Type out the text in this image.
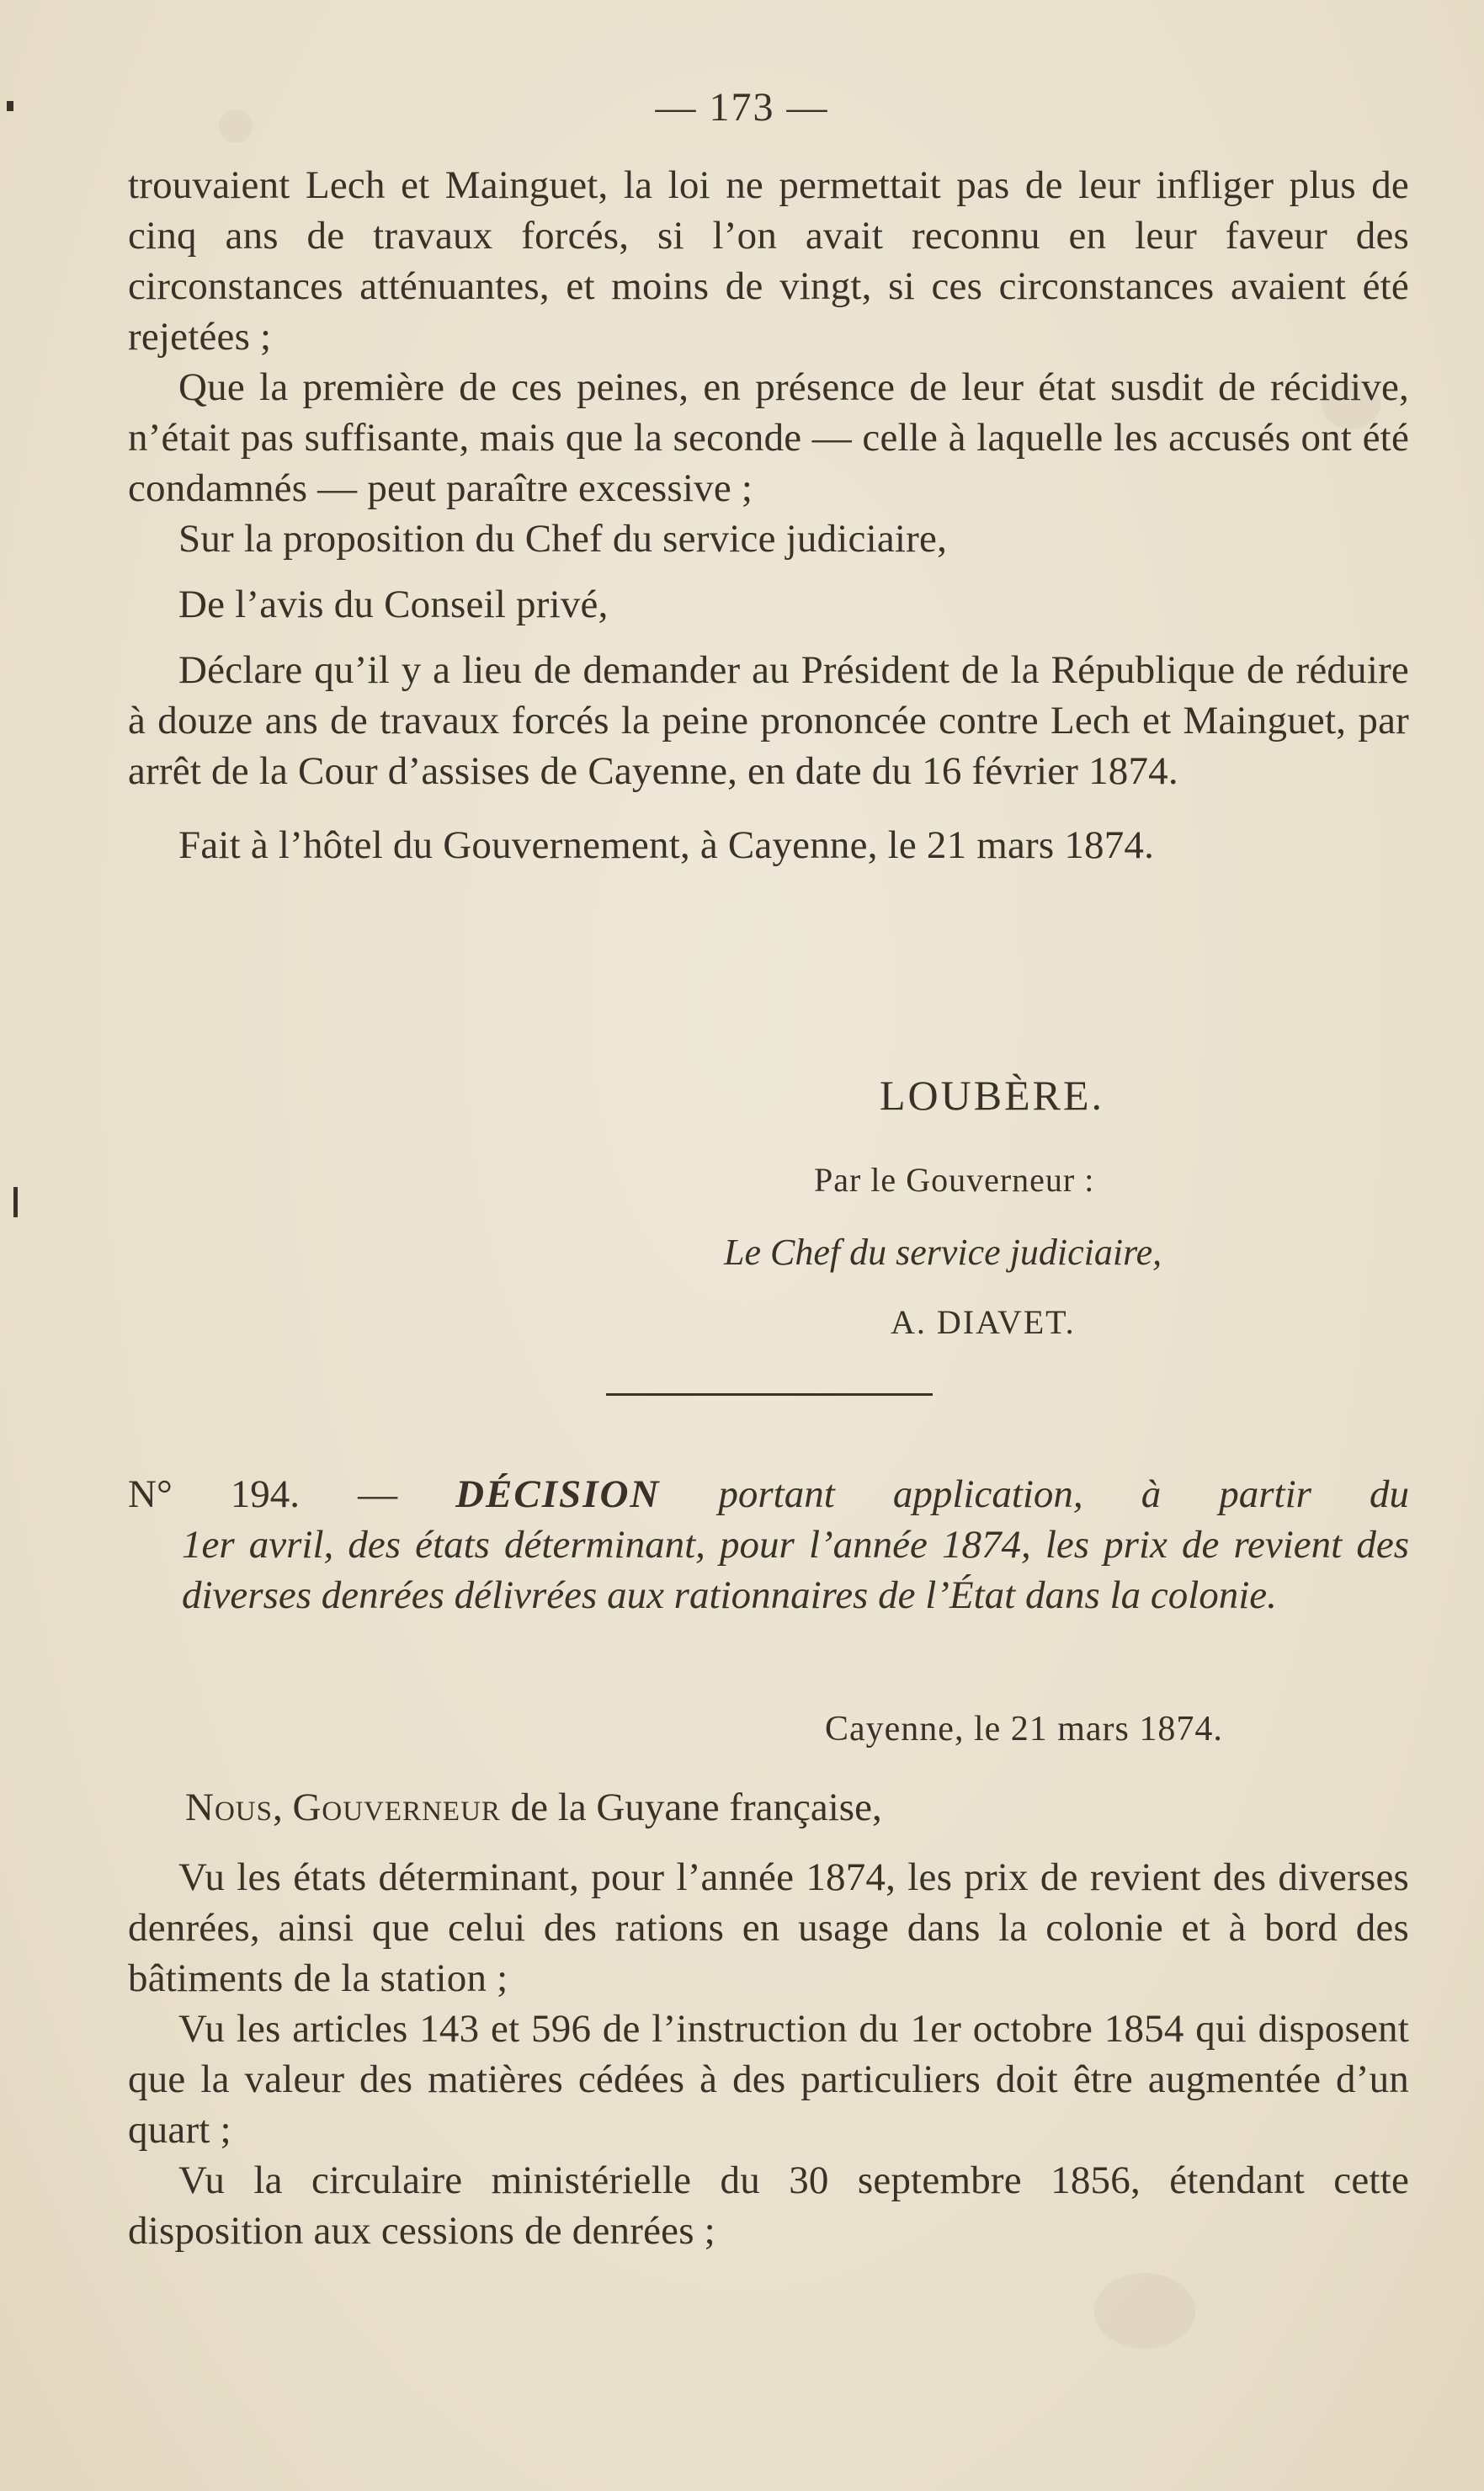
— 173 —

trouvaient Lech et Mainguet, la loi ne permettait pas de leur infliger plus de cinq ans de travaux forcés, si l’on avait reconnu en leur faveur des circonstances atténuantes, et moins de vingt, si ces circonstances avaient été rejetées ;

Que la première de ces peines, en présence de leur état susdit de récidive, n’était pas suffisante, mais que la seconde — celle à laquelle les accusés ont été condamnés — peut paraître excessive ;

Sur la proposition du Chef du service judiciaire,

De l’avis du Conseil privé,

Déclare qu’il y a lieu de demander au Président de la République de réduire à douze ans de travaux forcés la peine prononcée contre Lech et Mainguet, par arrêt de la Cour d’assises de Cayenne, en date du 16 février 1874.

Fait à l’hôtel du Gouvernement, à Cayenne, le 21 mars 1874.

LOUBÈRE.
Par le Gouverneur :
Le Chef du service judiciaire,
A. DIAVET.
N° 194. — DÉCISION portant application, à partir du

1er avril, des états déterminant, pour l’année 1874, les prix de revient des diverses denrées délivrées aux rationnaires de l’État dans la colonie.

Cayenne, le 21 mars 1874.
Nous, Gouverneur de la Guyane française,

Vu les états déterminant, pour l’année 1874, les prix de revient des diverses denrées, ainsi que celui des rations en usage dans la colonie et à bord des bâtiments de la station ;

Vu les articles 143 et 596 de l’instruction du 1er octobre 1854 qui disposent que la valeur des matières cédées à des particuliers doit être augmentée d’un quart ;

Vu la circulaire ministérielle du 30 septembre 1856, étendant cette disposition aux cessions de denrées ;
